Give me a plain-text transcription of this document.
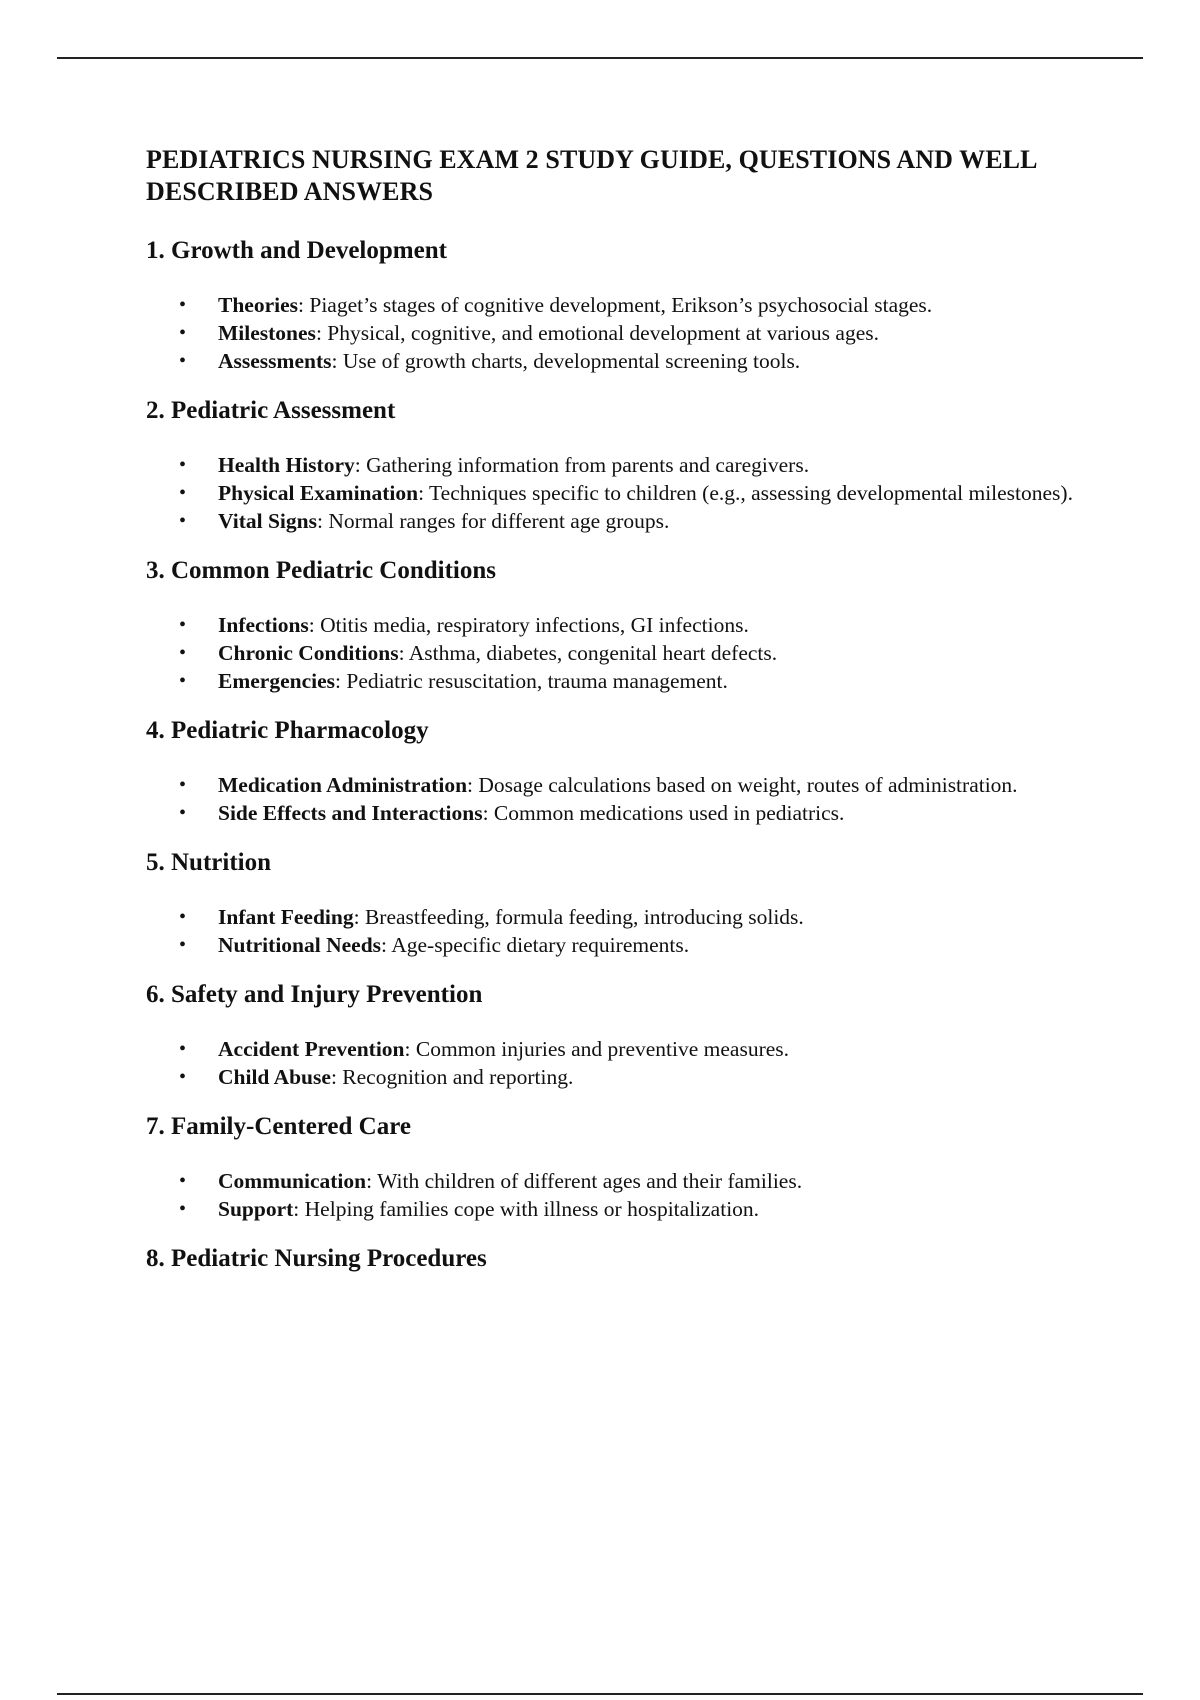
PEDIATRICS NURSING EXAM 2 STUDY GUIDE, QUESTIONS AND WELL DESCRIBED ANSWERS
1. Growth and Development
• Theories: Piaget’s stages of cognitive development, Erikson’s psychosocial stages.
• Milestones: Physical, cognitive, and emotional development at various ages.
• Assessments: Use of growth charts, developmental screening tools.
2. Pediatric Assessment
• Health History: Gathering information from parents and caregivers.
• Physical Examination: Techniques specific to children (e.g., assessing developmental milestones).
• Vital Signs: Normal ranges for different age groups.
3. Common Pediatric Conditions
• Infections: Otitis media, respiratory infections, GI infections.
• Chronic Conditions: Asthma, diabetes, congenital heart defects.
• Emergencies: Pediatric resuscitation, trauma management.
4. Pediatric Pharmacology
• Medication Administration: Dosage calculations based on weight, routes of administration.
• Side Effects and Interactions: Common medications used in pediatrics.
5. Nutrition
• Infant Feeding: Breastfeeding, formula feeding, introducing solids.
• Nutritional Needs: Age-specific dietary requirements.
6. Safety and Injury Prevention
• Accident Prevention: Common injuries and preventive measures.
• Child Abuse: Recognition and reporting.
7. Family-Centered Care
• Communication: With children of different ages and their families.
• Support: Helping families cope with illness or hospitalization.
8. Pediatric Nursing Procedures
